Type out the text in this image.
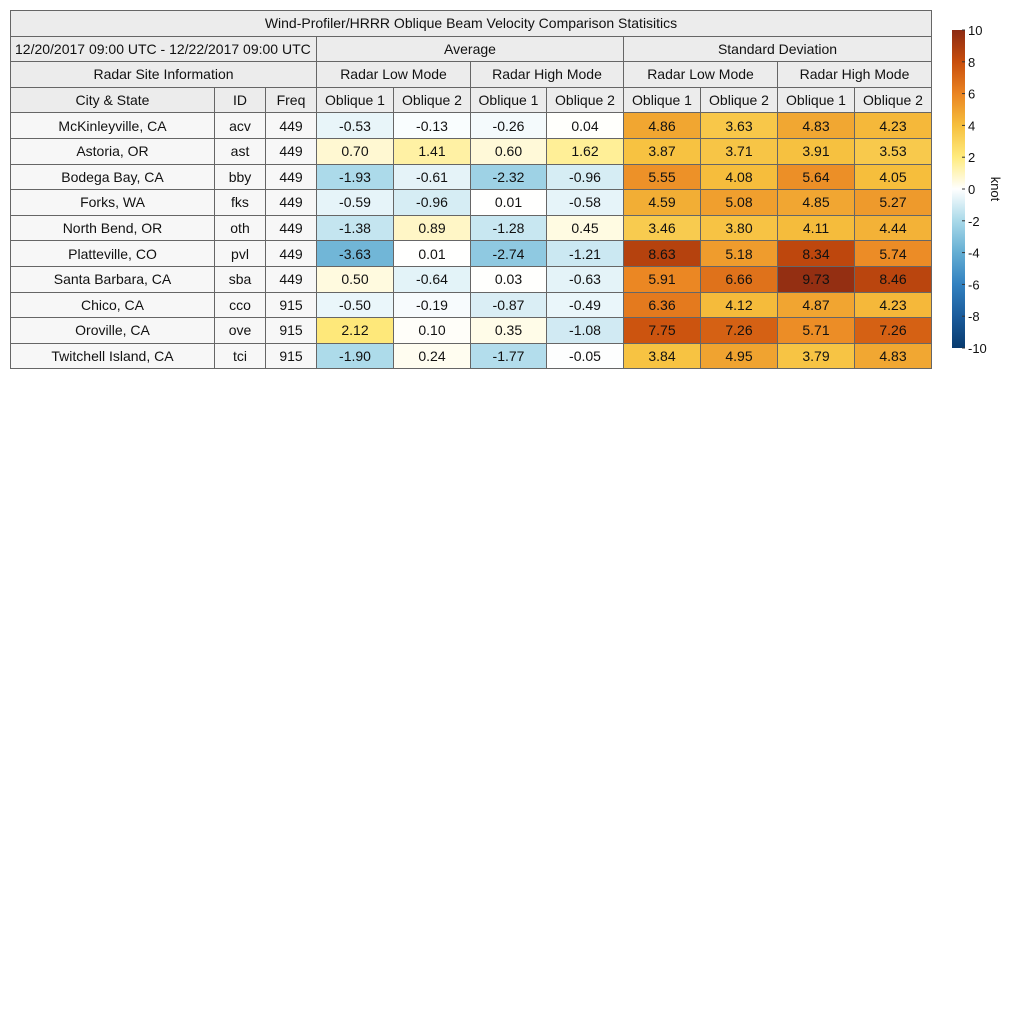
Wind-Profiler/HRRR Oblique Beam Velocity Comparison Statisitics										
12/20/2017 09:00 UTC - 12/22/2017 09:00 UTC			Average				Standard Deviation			
Radar Site Information			Radar Low Mode		Radar High Mode		Radar Low Mode		Radar High Mode	
City & State	ID	Freq	Oblique 1	Oblique 2	Oblique 1	Oblique 2	Oblique 1	Oblique 2	Oblique 1	Oblique 2
McKinleyville, CA	acv	449	-0.53	-0.13	-0.26	0.04	4.86	3.63	4.83	4.23
Astoria, OR	ast	449	0.70	1.41	0.60	1.62	3.87	3.71	3.91	3.53
Bodega Bay, CA	bby	449	-1.93	-0.61	-2.32	-0.96	5.55	4.08	5.64	4.05
Forks, WA	fks	449	-0.59	-0.96	0.01	-0.58	4.59	5.08	4.85	5.27
North Bend, OR	oth	449	-1.38	0.89	-1.28	0.45	3.46	3.80	4.11	4.44
Platteville, CO	pvl	449	-3.63	0.01	-2.74	-1.21	8.63	5.18	8.34	5.74
Santa Barbara, CA	sba	449	0.50	-0.64	0.03	-0.63	5.91	6.66	9.73	8.46
Chico, CA	cco	915	-0.50	-0.19	-0.87	-0.49	6.36	4.12	4.87	4.23
Oroville, CA	ove	915	2.12	0.10	0.35	-1.08	7.75	7.26	5.71	7.26
Twitchell Island, CA	tci	915	-1.90	0.24	-1.77	-0.05	3.84	4.95	3.79	4.83
10
8
6
4
2
0
-2
-4
-6
-8
-10
knot
